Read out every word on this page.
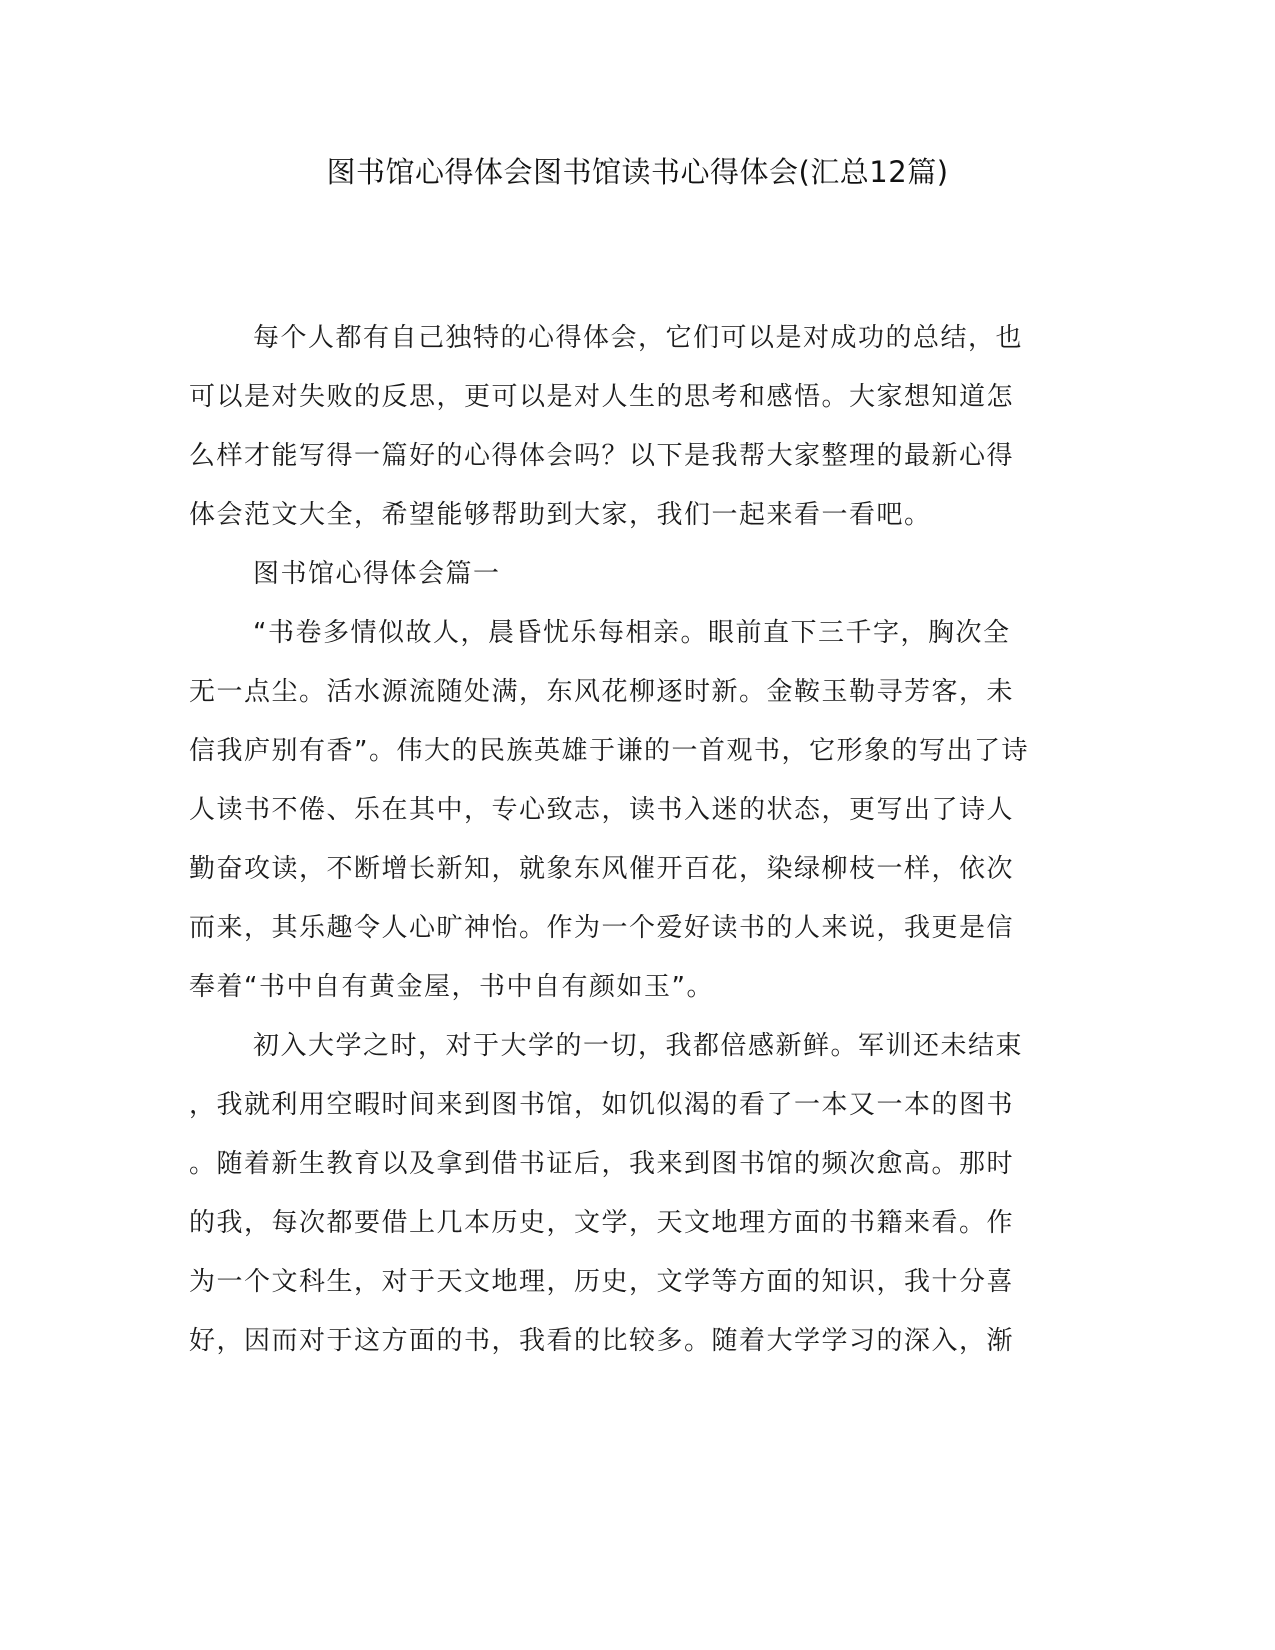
图书馆心得体会图书馆读书心得体会(汇总12篇)

每个人都有自己独特的心得体会，它们可以是对成功的总结，也

可以是对失败的反思，更可以是对人生的思考和感悟。大家想知道怎

么样才能写得一篇好的心得体会吗？以下是我帮大家整理的最新心得

体会范文大全，希望能够帮助到大家，我们一起来看一看吧。

图书馆心得体会篇一

“书卷多情似故人，晨昏忧乐每相亲。眼前直下三千字，胸次全

无一点尘。活水源流随处满，东风花柳逐时新。金鞍玉勒寻芳客，未

信我庐别有香”。伟大的民族英雄于谦的一首观书，它形象的写出了诗

人读书不倦、乐在其中，专心致志，读书入迷的状态，更写出了诗人

勤奋攻读，不断增长新知，就象东风催开百花，染绿柳枝一样，依次

而来，其乐趣令人心旷神怡。作为一个爱好读书的人来说，我更是信

奉着“书中自有黄金屋，书中自有颜如玉”。

初入大学之时，对于大学的一切，我都倍感新鲜。军训还未结束

，我就利用空暇时间来到图书馆，如饥似渴的看了一本又一本的图书

。随着新生教育以及拿到借书证后，我来到图书馆的频次愈高。那时

的我，每次都要借上几本历史，文学，天文地理方面的书籍来看。作

为一个文科生，对于天文地理，历史，文学等方面的知识，我十分喜

好，因而对于这方面的书，我看的比较多。随着大学学习的深入，渐
